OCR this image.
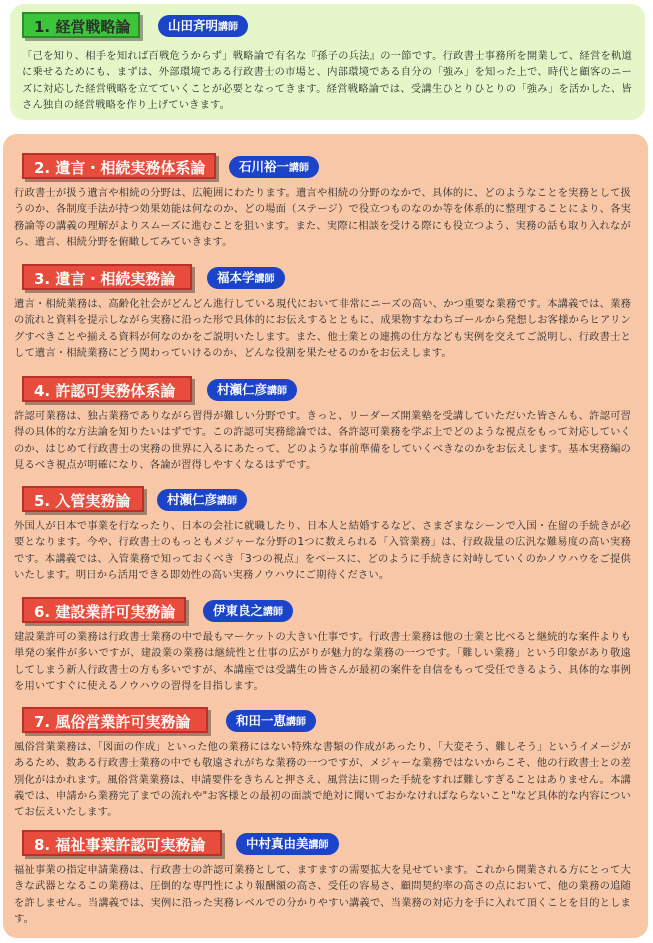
1. 経営戦略論	山田斉明講師
「己を知り、相手を知れば百戦危うからず」戦略論で有名な『孫子の兵法』の一節です。行政書士事務所を開業して、経営を軌道に乗せるためにも、まずは、外部環境である行政書士の市場と、内部環境である自分の「強み」を知った上で、時代と顧客のニーズに対応した経営戦略を立てていくことが必要となってきます。経営戦略論では、受講生ひとりひとりの「強み」を活かした、皆さん独自の経営戦略を作り上げていきます。
2. 遺言・相続実務体系論	石川裕一講師
行政書士が扱う遺言や相続の分野は、広範囲にわたります。遺言や相続の分野のなかで、具体的に、どのようなことを実務として扱うのか、各制度手法が持つ効果効能は何なのか、どの場面（ステージ）で役立つものなのか等を体系的に整理することにより、各実務論等の講義の理解がよりスムーズに進むことを狙います。また、実際に相談を受ける際にも役立つよう、実務の話も取り入れながら、遺言、相続分野を俯瞰してみていきます。
3. 遺言・相続実務論	福本学講師
遺言・相続業務は、高齢化社会がどんどん進行している現代において非常にニーズの高い、かつ重要な業務です。本講義では、業務の流れと資料を提示しながら実務に沿った形で具体的にお伝えするとともに、成果物すなわちゴールから発想しお客様からヒアリングすべきことや揃える資料が何なのかをご説明いたします。また、他士業との連携の仕方なども実例を交えてご説明し、行政書士として遺言・相続業務にどう関わっていけるのか、どんな役割を果たせるのかをお伝えします。
4. 許認可実務体系論	村瀬仁彦講師
許認可業務は、独占業務でありながら習得が難しい分野です。きっと、リーダーズ開業塾を受講していただいた皆さんも、許認可習得の具体的な方法論を知りたいはずです。この許認可実務総論では、各許認可業務を学ぶ上でどのような視点をもって対応していくのか、はじめて行政書士の実務の世界に入るにあたって、どのような事前準備をしていくべきなのかをお伝えします。基本実務編の見るべき視点が明確になり、各論が習得しやすくなるはずです。
5. 入管実務論	村瀬仁彦講師
外国人が日本で事業を行なったり、日本の会社に就職したり、日本人と結婚するなど、さまざまなシーンで入国・在留の手続きが必要となります。今や、行政書士のもっともメジャーな分野の1つに数えられる「入管業務」は、行政裁量の広汎な難易度の高い実務です。本講義では、入管業務で知っておくべき「3つの視点」をベースに、どのように手続きに対峙していくのかノウハウをご提供いたします。明日から活用できる即効性の高い実務ノウハウにご期待ください。
6. 建設業許可実務論	伊東良之講師
建設業許可の業務は行政書士業務の中で最もマーケットの大きい仕事です。行政書士業務は他の士業と比べると継続的な案件よりも単発の案件が多いですが、建設業の業務は継続性と仕事の広がりが魅力的な業務の一つです。「難しい業務」という印象があり敬遠してしまう新人行政書士の方も多いですが、本講座では受講生の皆さんが最初の案件を自信をもって受任できるよう、具体的な事例を用いてすぐに使えるノウハウの習得を目指します。
7. 風俗営業許可実務論	和田一恵講師
風俗営業業務は、「図面の作成」といった他の業務にはない特殊な書類の作成があったり、「大変そう、難しそう」というイメージがあるため、数ある行政書士業務の中でも敬遠されがちな業務の一つですが、メジャーな業務ではないからこそ、他の行政書士との差別化がはかれます。風俗営業業務は、申請要件をきちんと押さえ、風営法に則った手続をすれば難しすぎることはありません。本講義では、申請から業務完了までの流れや"お客様との最初の面談で絶対に聞いておかなければならないこと"など具体的な内容についてお伝えいたします。
8. 福祉事業許認可実務論	中村真由美講師
福祉事業の指定申請業務は、行政書士の許認可業務として、ますますの需要拡大を見せています。これから開業される方にとって大きな武器となるこの業務は、圧倒的な専門性により報酬額の高さ、受任の容易さ、顧問契約率の高さの点において、他の業務の追随を許しません。当講義では、実例に沿った実務レベルでの分かりやすい講義で、当業務の対応力を手に入れて頂くことを目的とします。
